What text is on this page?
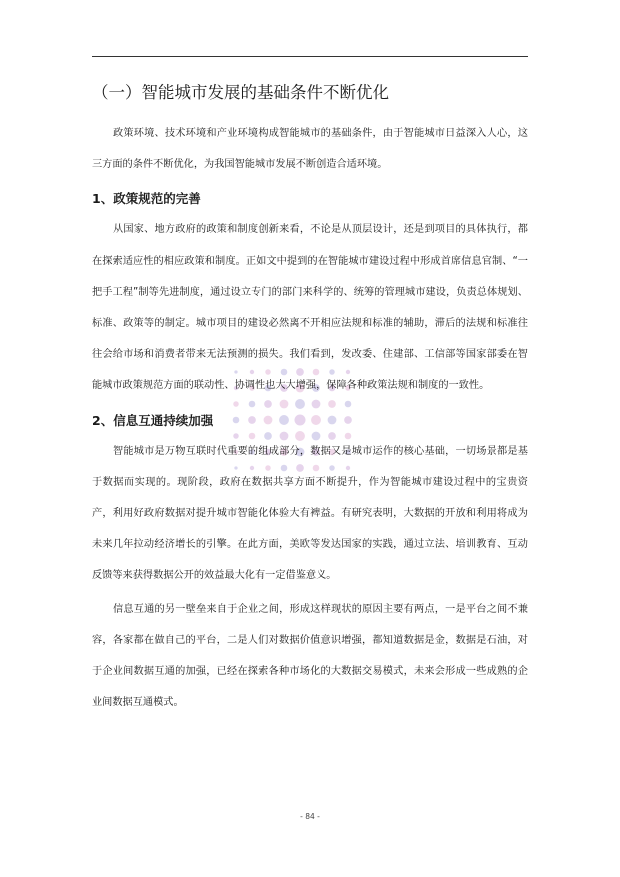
（一）智能城市发展的基础条件不断优化

政策环境、技术环境和产业环境构成智能城市的基础条件，由于智能城市日益深入人心，这三方面的条件不断优化，为我国智能城市发展不断创造合适环境。

1、政策规范的完善

从国家、地方政府的政策和制度创新来看，不论是从顶层设计，还是到项目的具体执行，都在探索适应性的相应政策和制度。正如文中提到的在智能城市建设过程中形成首席信息官制、“一把手工程”制等先进制度，通过设立专门的部门来科学的、统筹的管理城市建设，负责总体规划、标准、政策等的制定。城市项目的建设必然离不开相应法规和标准的辅助，滞后的法规和标准往往会给市场和消费者带来无法预测的损失。我们看到，发改委、住建部、工信部等国家部委在智能城市政策规范方面的联动性、协调性也大大增强，保障各种政策法规和制度的一致性。

2、信息互通持续加强

智能城市是万物互联时代重要的组成部分，数据又是城市运作的核心基础，一切场景都是基于数据而实现的。现阶段，政府在数据共享方面不断提升，作为智能城市建设过程中的宝贵资产，利用好政府数据对提升城市智能化体验大有裨益。有研究表明，大数据的开放和利用将成为未来几年拉动经济增长的引擎。在此方面，美欧等发达国家的实践，通过立法、培训教育、互动反馈等来获得数据公开的效益最大化有一定借鉴意义。

信息互通的另一壁垒来自于企业之间，形成这样现状的原因主要有两点，一是平台之间不兼容，各家都在做自己的平台，二是人们对数据价值意识增强，都知道数据是金，数据是石油，对于企业间数据互通的加强，已经在探索各种市场化的大数据交易模式，未来会形成一些成熟的企业间数据互通模式。

- 84 -
